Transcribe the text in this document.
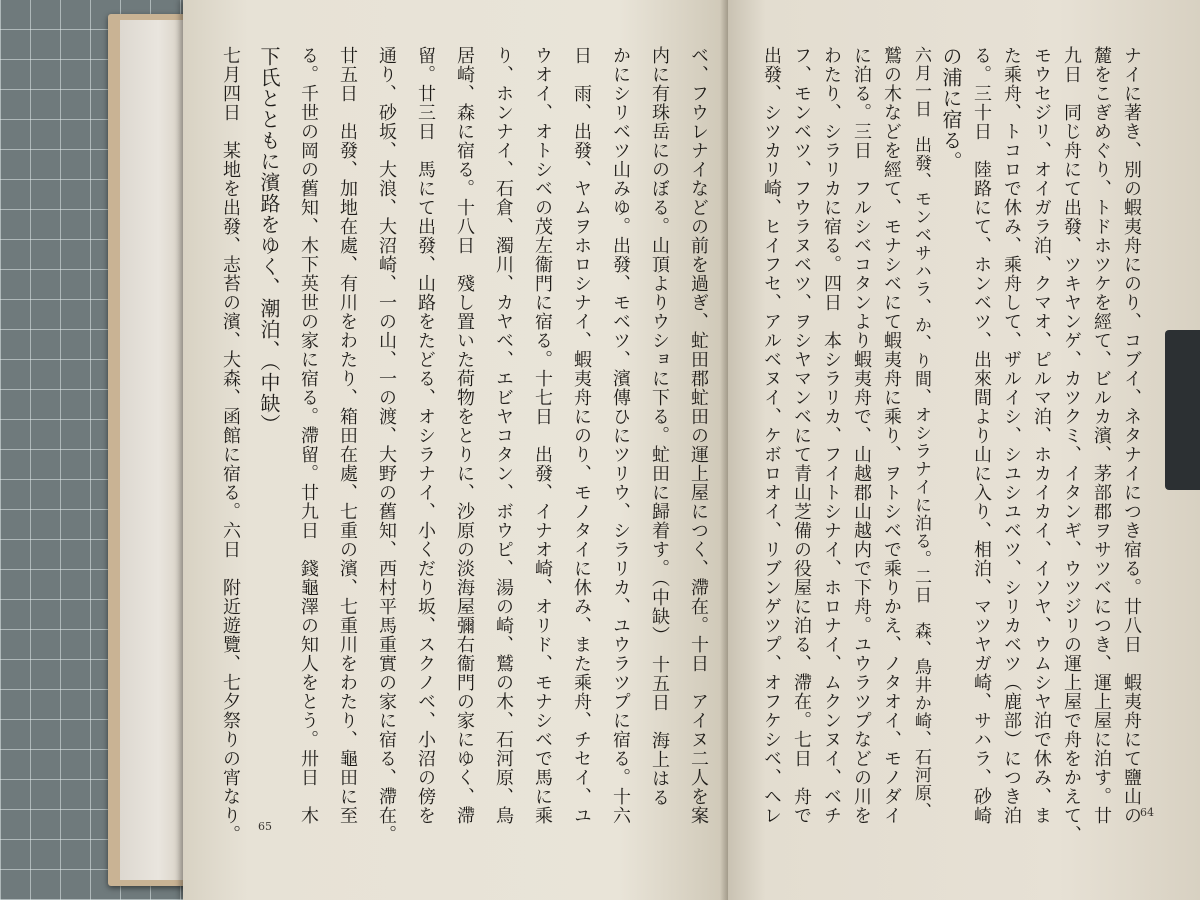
ベ、フウレナイなどの前を過ぎ、虻田郡虻田の運上屋につく、滯在。十日　アイヌ二人を案
内に有珠岳にのぼる。山頂よりウショに下る。虻田に歸着す。（中缺）　十五日　海上はる
かにシリベツ山みゆ。出發、モベツ、濱傳ひにツリウ、シラリカ、ユウラツプに宿る。十六
日　雨、出發、ヤムヲホロシナイ、蝦夷舟にのり、モノタイに休み、また乘舟、チセイ、ユ
ウオイ、オトシベの茂左衞門に宿る。十七日　出發、イナオ崎、オリド、モナシベで馬に乘
り、ホンナイ、石倉、濁川、カヤベ、エビヤコタン、ボウピ、湯の崎、鷲の木、石河原、鳥
居崎、森に宿る。十八日　殘し置いた荷物をとりに、沙原の淡海屋彌右衞門の家にゆく、滯
留。廿三日　馬にて出發、山路をたどる、オシラナイ、小くだり坂、スクノベ、小沼の傍を
通り、砂坂、大浪、大沼崎、一の山、一の渡、大野の舊知、西村平馬重實の家に宿る、滯在。
廿五日　出發、加地在處、有川をわたり、箱田在處、七重の濱、七重川をわたり、龜田に至
る。千世の岡の舊知、木下英世の家に宿る。滯留。廿九日　錢龜澤の知人をとう。卅日　木
下氏とともに濱路をゆく、潮泊、（中缺）
七月四日　某地を出發、志苔の濱、大森、函館に宿る。六日　附近遊覽、七夕祭りの宵なり。	65
ナイに著き、別の蝦夷舟にのり、コブイ、ネタナイにつき宿る。廿八日　蝦夷舟にて鹽山の
麓をこぎめぐり、トドホツケを經て、ビルカ濱、茅部郡ヲサツベにつき、運上屋に泊す。廿
九日　同じ舟にて出發、ツキヤンゲ、カツクミ、イタンギ、ウツジリの運上屋で舟をかえて、
モウセジリ、オイガラ泊、クマオ、ピルマ泊、ホカイカイ、イソヤ、ウムシヤ泊で休み、ま
た乘舟、トコロで休み、乘舟して、ザルイシ、シユシユベツ、シリカベツ（鹿部）につき泊
る。三十日　陸路にて、ホンベツ、出來間より山に入り、相泊、マツヤガ崎、サハラ、砂崎
の浦に宿る。
六月一日　出發、モンベサハラ、か、り間、オシラナイに泊る。二日　森、鳥井か崎、石河原、
鷲の木などを經て、モナシベにて蝦夷舟に乘り、ヲトシベで乘りかえ、ノタオイ、モノダイ
に泊る。三日　フルシベコタンより蝦夷舟で、山越郡山越内で下舟。ユウラツプなどの川を
わたり、シラリカに宿る。四日　本シラリカ、フイトシナイ、ホロナイ、ムクンヌイ、ベチ
フ、モンベツ、フウラヌベツ、ヲシヤマンベにて青山芝備の役屋に泊る、滯在。七日　舟で
出發、シツカリ崎、ヒイフセ、アルベヌイ、ケボロオイ、リブンゲツプ、オフケシベ、ヘレ	64
